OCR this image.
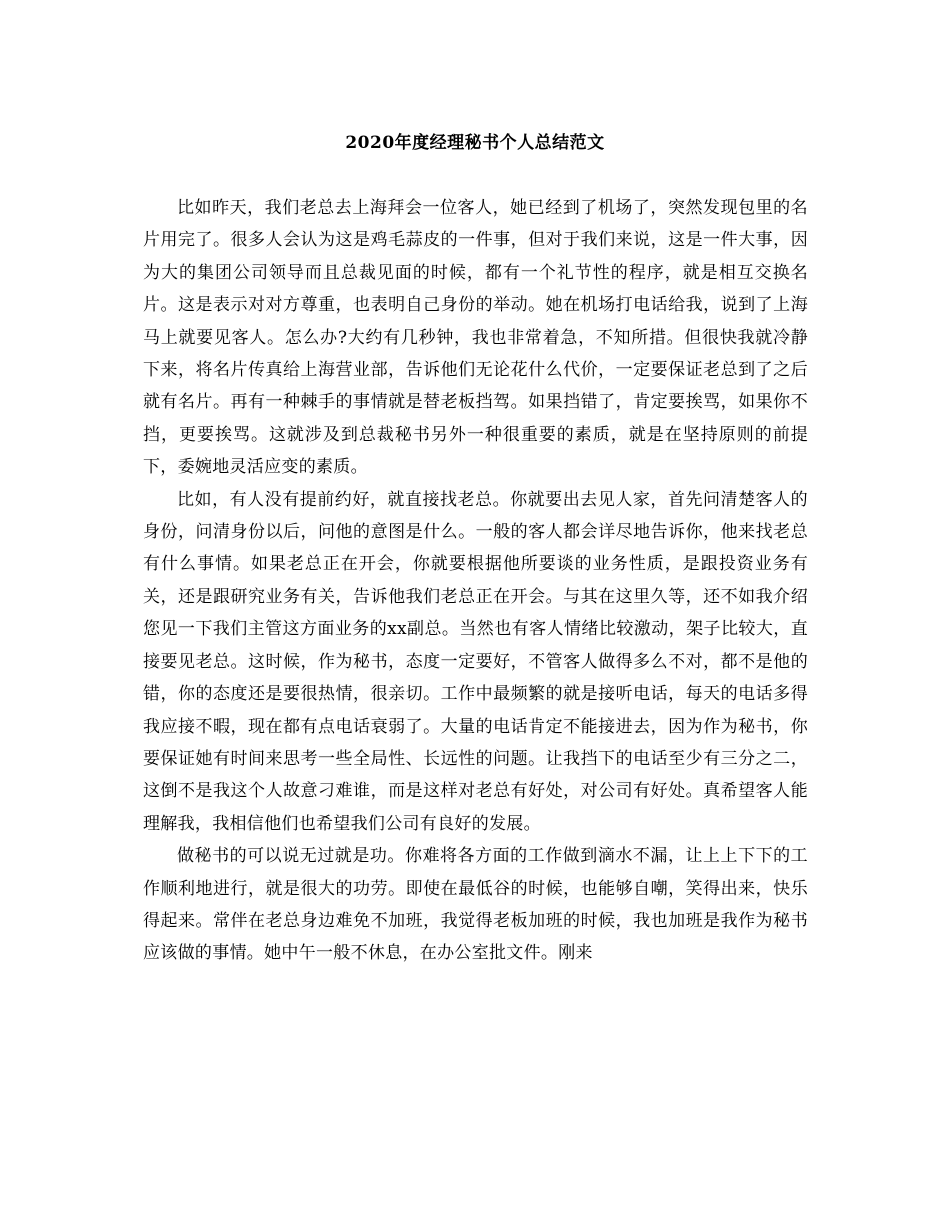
2020年度经理秘书个人总结范文

比如昨天，我们老总去上海拜会一位客人，她已经到了机场了，突然发现包里的名片用完了。很多人会认为这是鸡毛蒜皮的一件事，但对于我们来说，这是一件大事，因为大的集团公司领导而且总裁见面的时候，都有一个礼节性的程序，就是相互交换名片。这是表示对对方尊重，也表明自己身份的举动。她在机场打电话给我，说到了上海马上就要见客人。怎么办?大约有几秒钟，我也非常着急，不知所措。但很快我就冷静下来，将名片传真给上海营业部，告诉他们无论花什么代价，一定要保证老总到了之后就有名片。再有一种棘手的事情就是替老板挡驾。如果挡错了，肯定要挨骂，如果你不挡，更要挨骂。这就涉及到总裁秘书另外一种很重要的素质，就是在坚持原则的前提下，委婉地灵活应变的素质。

比如，有人没有提前约好，就直接找老总。你就要出去见人家，首先问清楚客人的身份，问清身份以后，问他的意图是什么。一般的客人都会详尽地告诉你，他来找老总有什么事情。如果老总正在开会，你就要根据他所要谈的业务性质，是跟投资业务有关，还是跟研究业务有关，告诉他我们老总正在开会。与其在这里久等，还不如我介绍您见一下我们主管这方面业务的xx副总。当然也有客人情绪比较激动，架子比较大，直接要见老总。这时候，作为秘书，态度一定要好，不管客人做得多么不对，都不是他的错，你的态度还是要很热情，很亲切。工作中最频繁的就是接听电话，每天的电话多得我应接不暇，现在都有点电话衰弱了。大量的电话肯定不能接进去，因为作为秘书，你要保证她有时间来思考一些全局性、长远性的问题。让我挡下的电话至少有三分之二，这倒不是我这个人故意刁难谁，而是这样对老总有好处，对公司有好处。真希望客人能理解我，我相信他们也希望我们公司有良好的发展。

做秘书的可以说无过就是功。你难将各方面的工作做到滴水不漏，让上上下下的工作顺利地进行，就是很大的功劳。即使在最低谷的时候，也能够自嘲，笑得出来，快乐得起来。常伴在老总身边难免不加班，我觉得老板加班的时候，我也加班是我作为秘书应该做的事情。她中午一般不休息，在办公室批文件。刚来
